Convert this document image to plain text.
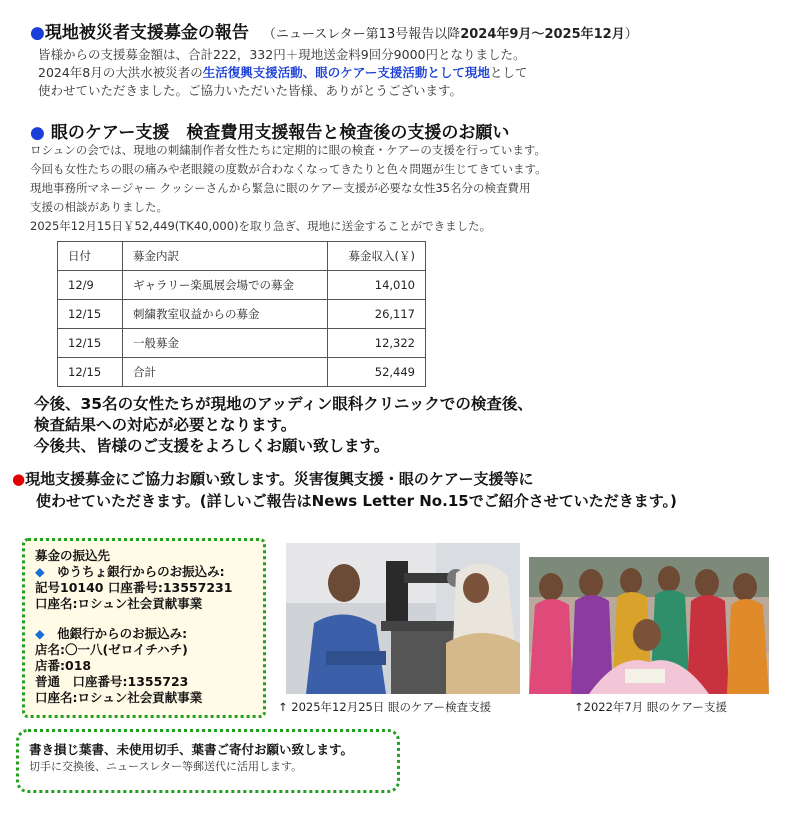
●現地被災者支援募金の報告 （ニュースレター第13号報告以降2024年9月〜2025年12月）
皆様からの支援募金額は、合計222，332円＋現地送金料9回分9000円となりました。
2024年8月の大洪水被災者の生活復興支援活動、眼のケアー支援活動として現地として
使わせていただきました。ご協力いただいた皆様、ありがとうございます。
● 眼のケアー支援　検査費用支援報告と検査後の支援のお願い
ロシュンの会では、現地の刺繍制作者女性たちに定期的に眼の検査・ケアーの支援を行っています。
今回も女性たちの眼の痛みや老眼鏡の度数が合わなくなってきたりと色々問題が生じてきています。
現地事務所マネージャー クッシーさんから緊急に眼のケアー支援が必要な女性35名分の検査費用
支援の相談がありました。
2025年12月15日￥52,449(TK40,000)を取り急ぎ、現地に送金することができました。
日付	募金内訳	募金収入(￥)
12/9	ギャラリー楽風展会場での募金	14,010
12/15	刺繍教室収益からの募金	26,117
12/15	一般募金	12,322
12/15	合計	52,449
今後、35名の女性たちが現地のアッディン眼科クリニックでの検査後、
検査結果への対応が必要となります。
今後共、皆様のご支援をよろしくお願い致します。
●現地支援募金にご協力お願い致します。災害復興支援・眼のケアー支援等に
使わせていただきます。(詳しいご報告はNews Letter No.15でご紹介させていただきます。)
募金の振込先
◆　 ゆうちょ銀行からのお振込み:
記号10140 口座番号:13557231
口座名:ロシュン社会貢献事業
◆　 他銀行からのお振込み:
店名:〇一八(ゼロイチハチ)
店番:018
普通　口座番号:1355723
口座名:ロシュン社会貢献事業
↑ 2025年12月25日 眼のケアー検査支援	↑2022年7月 眼のケアー支援
書き損じ葉書、未使用切手、葉書ご寄付お願い致します。
切手に交換後、ニュースレター等郵送代に活用します。
